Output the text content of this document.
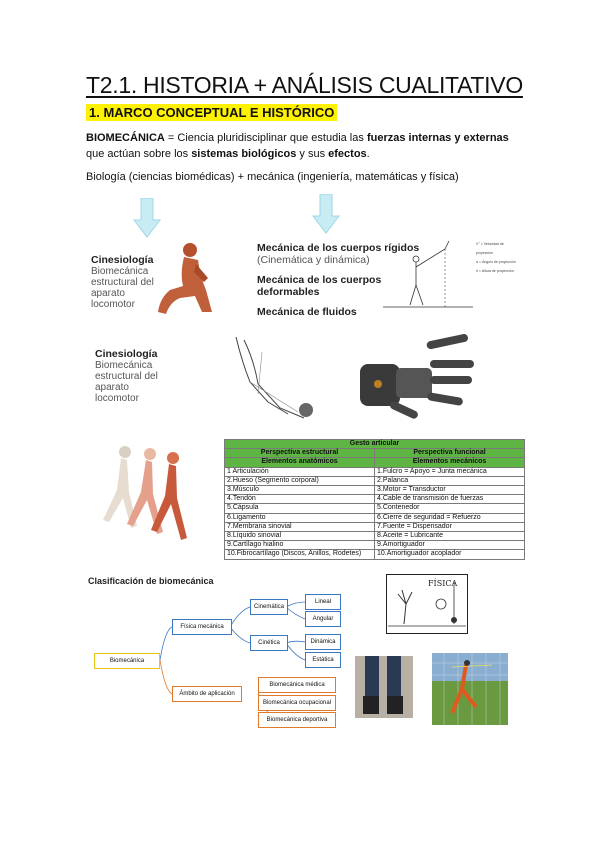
T2.1. HISTORIA + ANÁLISIS CUALITATIVO
1. MARCO CONCEPTUAL E HISTÓRICO
BIOMECÁNICA = Ciencia pluridisciplinar que estudia las fuerzas internas y externas que actúan sobre los sistemas biológicos y sus efectos.
Biología (ciencias biomédicas) + mecánica (ingeniería, matemáticas y física)
Cinesiología
Biomecánica
estructural del
aparato
locomotor
Mecánica de los cuerpos rígidos
(Cinemática y dinámica)

Mecánica de los cuerpos
deformables

Mecánica de fluidos
V° = Velocidad de proyección
α = Ángulo de proyección
h = Altura de proyección
Cinesiología
Biomecánica
estructural del
aparato
locomotor
Gesto articular	
Perspectiva estructural	Perspectiva funcional
Elementos anatómicos	Elementos mecánicos
1 Articulación	1.Fulcro = Apoyo = Junta mecánica
2.Hueso (Segmento corporal)	2.Palanca
3.Músculo	3.Motor = Transductor
4.Tendón	4.Cable de transmisión de fuerzas
5.Cápsula	5.Contenedor
6.Ligamento	6.Cierre de seguridad = Refuerzo
7.Membrana sinovial	7.Fuente = Dispensador
8.Líquido sinovial	8.Aceite = Lubricante
9.Cartílago hialino	9.Amortiguador
10.Fibrocartílago (Discos, Anillos, Rodetes)	10.Amortiguador acoplador
Clasificación de biomecánica
Biomecánica
Física mecánica
Cinemática
Lineal
Angular
Cinética	Dinámica
Estática
Ámbito de aplicación
Biomecánica médica
Biomecánica ocupacional
Biomecánica deportiva
FÍSICA
